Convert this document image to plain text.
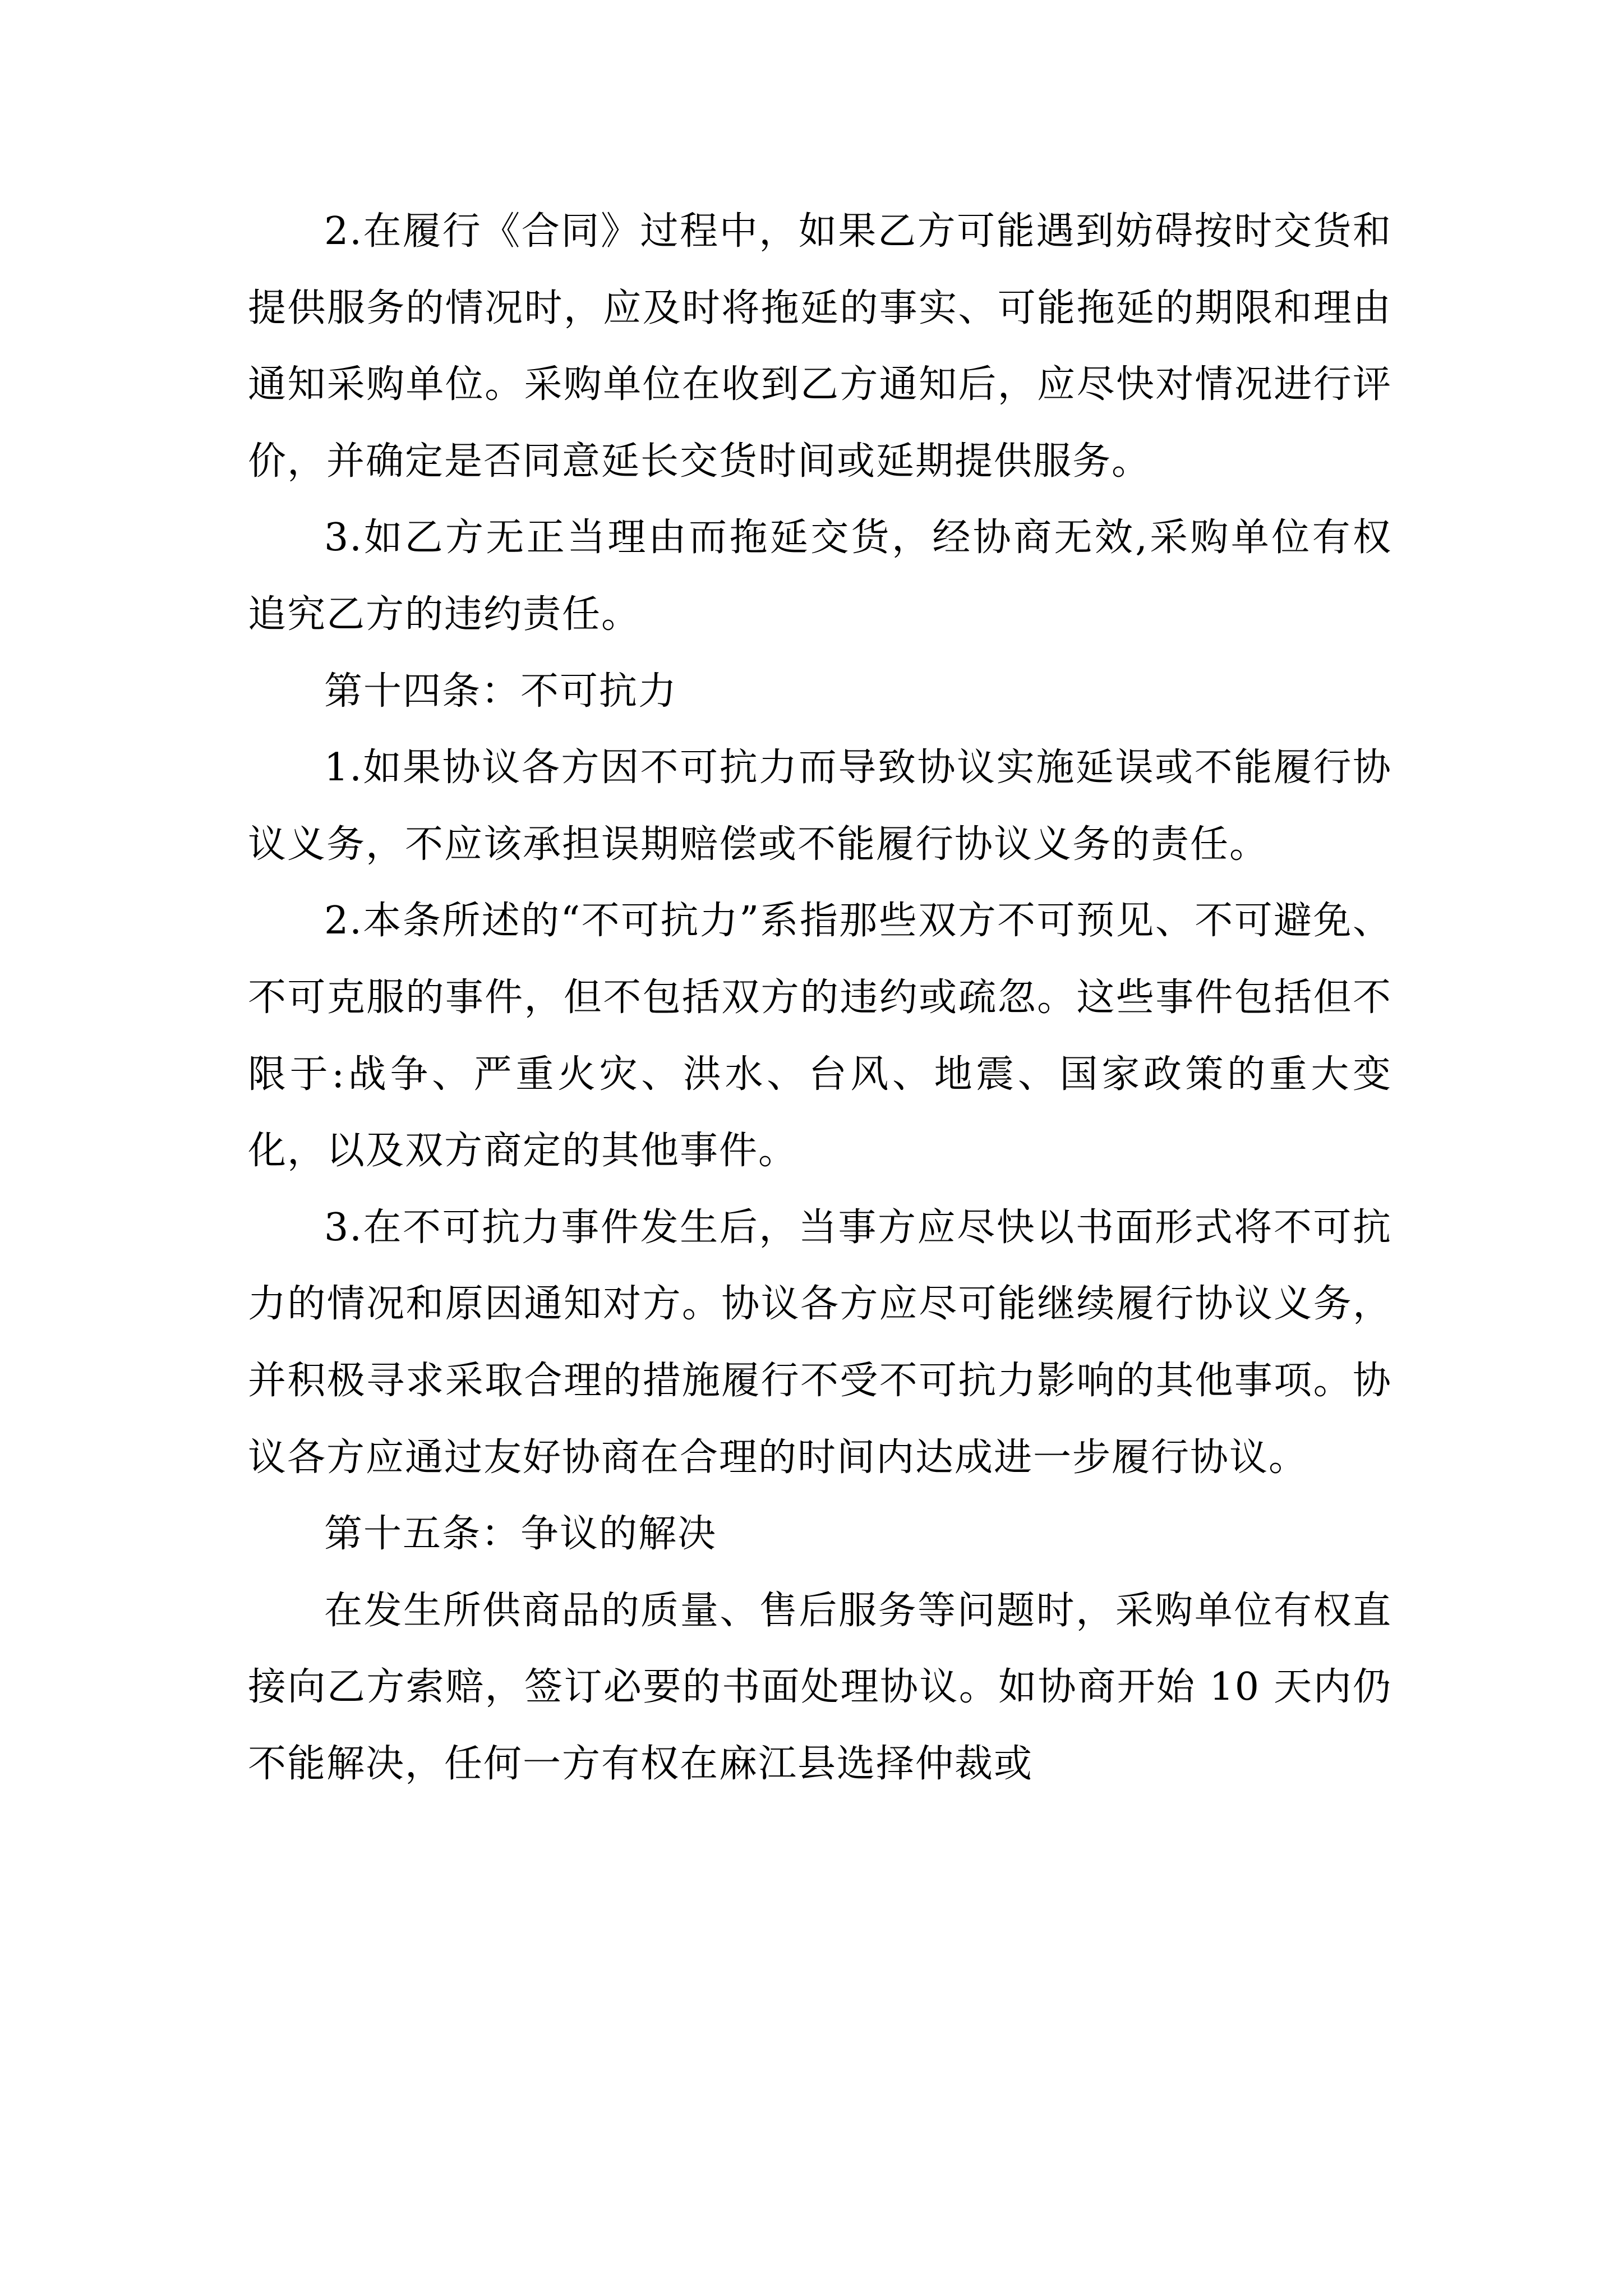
2.在履行《合同》过程中，如果乙方可能遇到妨碍按时交货和提供服务的情况时，应及时将拖延的事实、可能拖延的期限和理由通知采购单位。采购单位在收到乙方通知后，应尽快对情况进行评价，并确定是否同意延长交货时间或延期提供服务。

3.如乙方无正当理由而拖延交货，经协商无效,采购单位有权追究乙方的违约责任。

第十四条：不可抗力

1.如果协议各方因不可抗力而导致协议实施延误或不能履行协议义务，不应该承担误期赔偿或不能履行协议义务的责任。

2.本条所述的“不可抗力”系指那些双方不可预见、不可避免、不可克服的事件，但不包括双方的违约或疏忽。这些事件包括但不限于:战争、严重火灾、洪水、台风、地震、国家政策的重大变化，以及双方商定的其他事件。

3.在不可抗力事件发生后，当事方应尽快以书面形式将不可抗力的情况和原因通知对方。协议各方应尽可能继续履行协议义务，并积极寻求采取合理的措施履行不受不可抗力影响的其他事项。协议各方应通过友好协商在合理的时间内达成进一步履行协议。

第十五条：争议的解决

在发生所供商品的质量、售后服务等问题时，采购单位有权直接向乙方索赔，签订必要的书面处理协议。如协商开始 10 天内仍不能解决，任何一方有权在麻江县选择仲裁或
